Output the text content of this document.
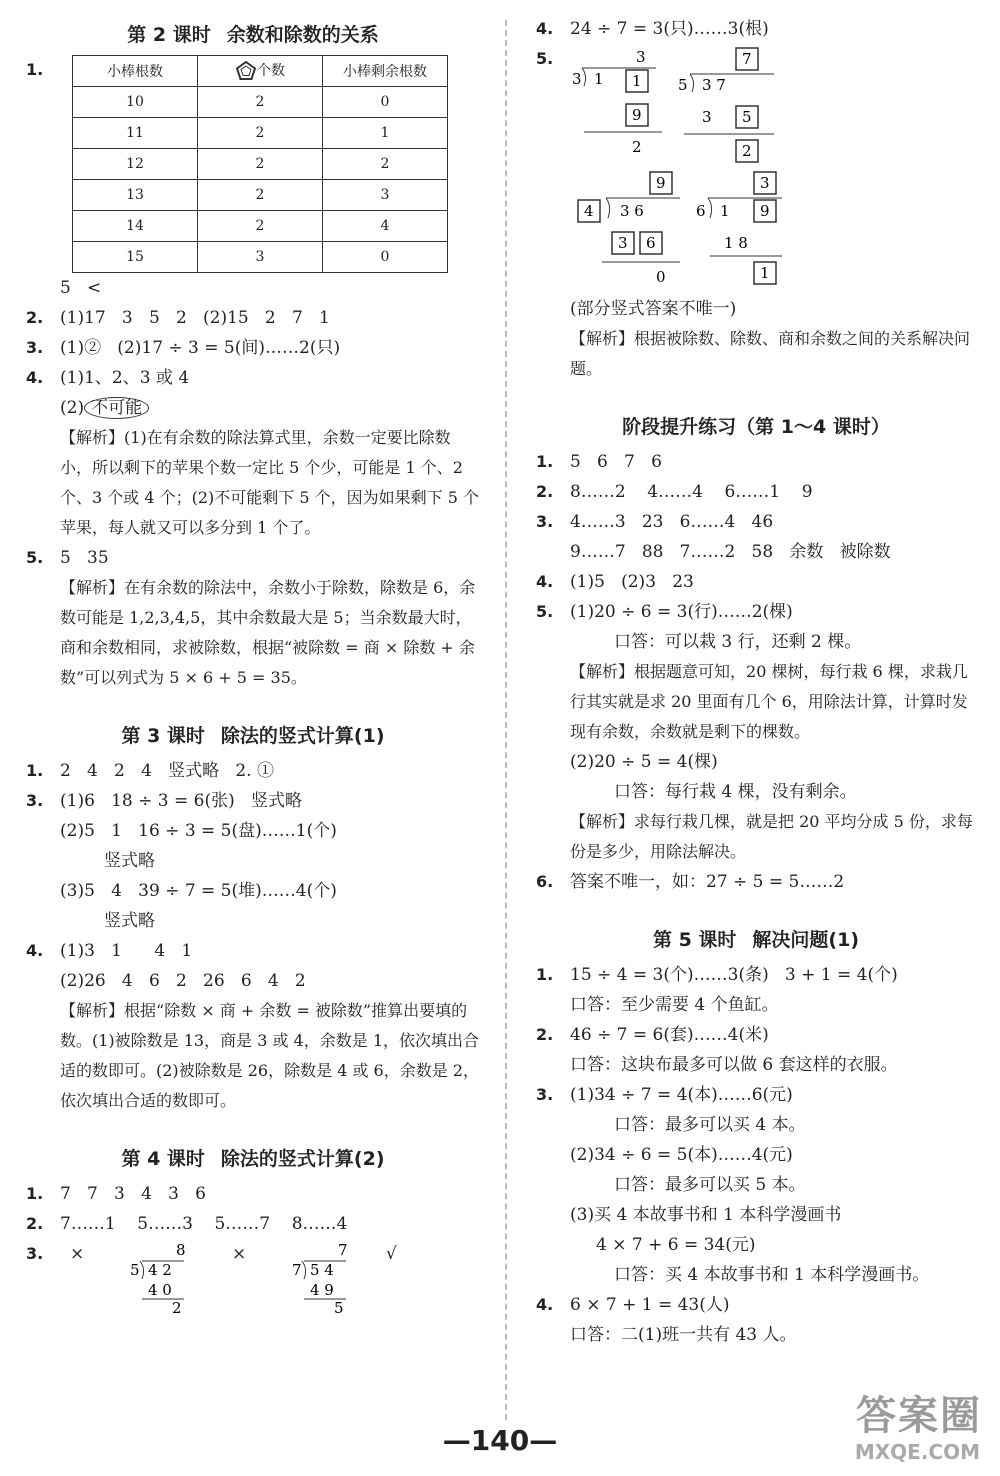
第 2 课时 余数和除数的关系
1.	小棒根数	个数	小棒剩余根数
10	2	0
11	2	1
12	2	2
13	2	3
14	2	4
15	3	0
5   <
2. (1)17   3   5   2   (2)15   2   7   1
3. (1)②   (2)17 ÷ 3 = 5(间)……2(只)
4. (1)1、2、3 或 4
(2) 不可能
【解析】(1)在有余数的除法算式里，余数一定要比除数小，所以剩下的苹果个数一定比 5 个少，可能是 1 个、2 个、3 个或 4 个；(2)不可能剩下 5 个，因为如果剩下 5 个苹果，每人就又可以多分到 1 个了。
5. 5   35
【解析】在有余数的除法中，余数小于除数，除数是 6，余数可能是 1,2,3,4,5，其中余数最大是 5；当余数最大时，商和余数相同，求被除数，根据“被除数 = 商 × 除数 + 余数”可以列式为 5 × 6 + 5 = 35。
第 3 课时 除法的竖式计算(1)
1. 2   4   2   4   竖式略   2. ①
3. (1)6   18 ÷ 3 = 6(张)   竖式略
(2)5   1   16 ÷ 3 = 5(盘)……1(个)
竖式略
(3)5   4   39 ÷ 7 = 5(堆)……4(个)
竖式略
4. (1)3   1      4   1
(2)26   4   6   2   26   6   4   2
【解析】根据“除数 × 商 + 余数 = 被除数”推算出要填的数。(1)被除数是 13，商是 3 或 4，余数是 1，依次填出合适的数即可。(2)被除数是 26，除数是 4 或 6，余数是 2，依次填出合适的数即可。
第 4 课时 除法的竖式计算(2)
1. 7   7   3   4   3   6
2. 7……1    5……3    5……7    8……4
3.	×	8
5 4 2
4 0
2
×	7
7 5 4
4 9
5
√
4. 24 ÷ 7 = 3(只)……3(根)
5.	3
3 1 1
9
2
7
5 3 7
3 5
2
9
4 3 6
3 6
0
3
6 1 9
1 8
1
(部分竖式答案不唯一)
【解析】根据被除数、除数、商和余数之间的关系解决问题。
阶段提升练习（第 1～4 课时）
1. 5   6   7   6
2. 8……2    4……4    6……1    9
3. 4……3   23   6……4   46
9……7   88   7……2   58   余数   被除数
4. (1)5   (2)3   23
5. (1)20 ÷ 6 = 3(行)……2(棵)
口答：可以栽 3 行，还剩 2 棵。
【解析】根据题意可知，20 棵树，每行栽 6 棵，求栽几行其实就是求 20 里面有几个 6，用除法计算，计算时发现有余数，余数就是剩下的棵数。
(2)20 ÷ 5 = 4(棵)
口答：每行栽 4 棵，没有剩余。
【解析】求每行栽几棵，就是把 20 平均分成 5 份，求每份是多少，用除法解决。
6. 答案不唯一，如：27 ÷ 5 = 5……2
第 5 课时 解决问题(1)
1. 15 ÷ 4 = 3(个)……3(条)   3 + 1 = 4(个)
口答：至少需要 4 个鱼缸。
2. 46 ÷ 7 = 6(套)……4(米)
口答：这块布最多可以做 6 套这样的衣服。
3. (1)34 ÷ 7 = 4(本)……6(元)
口答：最多可以买 4 本。
(2)34 ÷ 6 = 5(本)……4(元)
口答：最多可以买 5 本。
(3)买 4 本故事书和 1 本科学漫画书
4 × 7 + 6 = 34(元)
口答：买 4 本故事书和 1 本科学漫画书。
4. 6 × 7 + 1 = 43(人)
口答：二(1)班一共有 43 人。
—140—
答案圈
MXQE.COM
